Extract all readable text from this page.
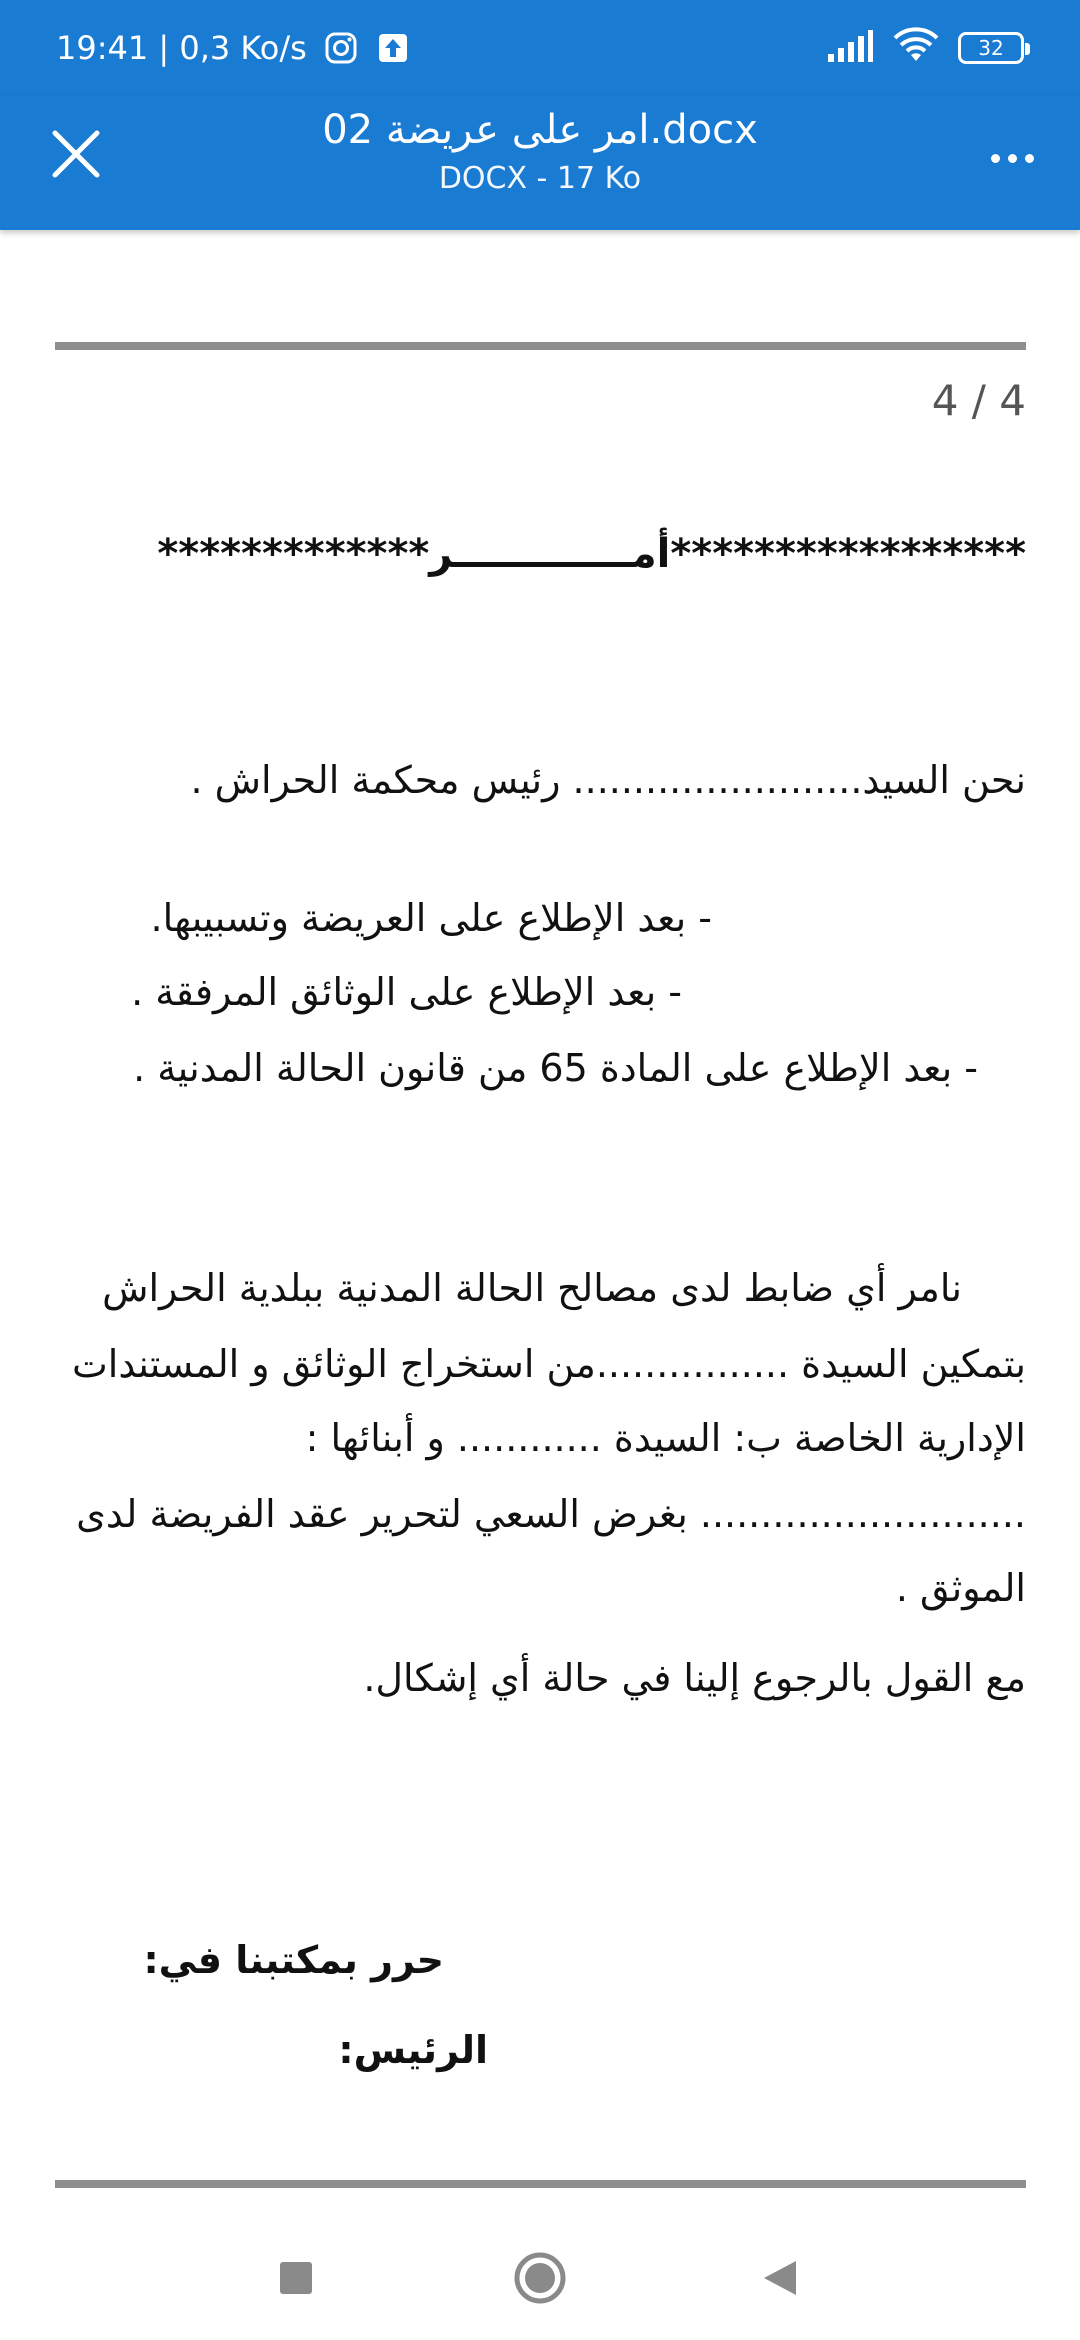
19:41 | 0,3 Ko/s	32
امر على عريضة 02.docx
DOCX - 17 Ko
4 / 4
*****************أمـــــــــــــر*************
نحن السيد........................ رئيس محكمة الحراش .
- بعد الإطلاع على العريضة وتسبيبها.
- بعد الإطلاع على الوثائق المرفقة .
- بعد الإطلاع على المادة 65 من قانون الحالة المدنية .
نامر أي ضابط لدى مصالح الحالة المدنية ببلدية الحراش
بتمكين السيدة ................من استخراج الوثائق و المستندات
الإدارية الخاصة ب: السيدة ............ و أبنائها :
........................... بغرض السعي لتحرير عقد الفريضة لدى
الموثق .
مع القول بالرجوع إلينا في حالة أي إشكال.
حرر بمكتبنا في:
الرئيس:
